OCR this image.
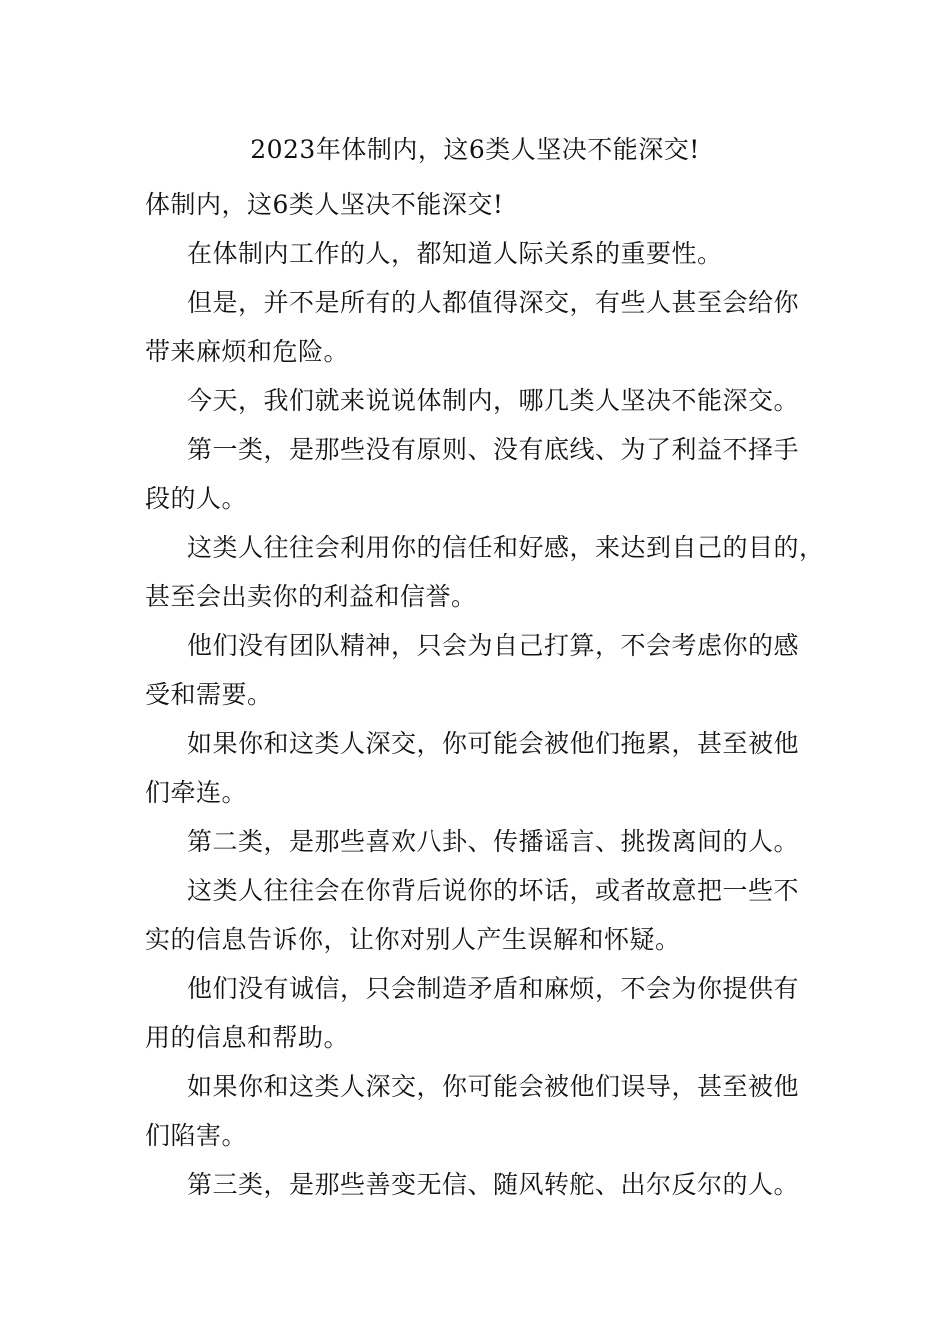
2023年体制内，这6类人坚决不能深交!
体制内，这6类人坚决不能深交!
在体制内工作的人，都知道人际关系的重要性。
但是，并不是所有的人都值得深交，有些人甚至会给你
带来麻烦和危险。
今天，我们就来说说体制内，哪几类人坚决不能深交。
第一类，是那些没有原则、没有底线、为了利益不择手
段的人。
这类人往往会利用你的信任和好感，来达到自己的目的，
甚至会出卖你的利益和信誉。
他们没有团队精神，只会为自己打算，不会考虑你的感
受和需要。
如果你和这类人深交，你可能会被他们拖累，甚至被他
们牵连。
第二类，是那些喜欢八卦、传播谣言、挑拨离间的人。
这类人往往会在你背后说你的坏话，或者故意把一些不
实的信息告诉你，让你对别人产生误解和怀疑。
他们没有诚信，只会制造矛盾和麻烦，不会为你提供有
用的信息和帮助。
如果你和这类人深交，你可能会被他们误导，甚至被他
们陷害。
第三类，是那些善变无信、随风转舵、出尔反尔的人。
